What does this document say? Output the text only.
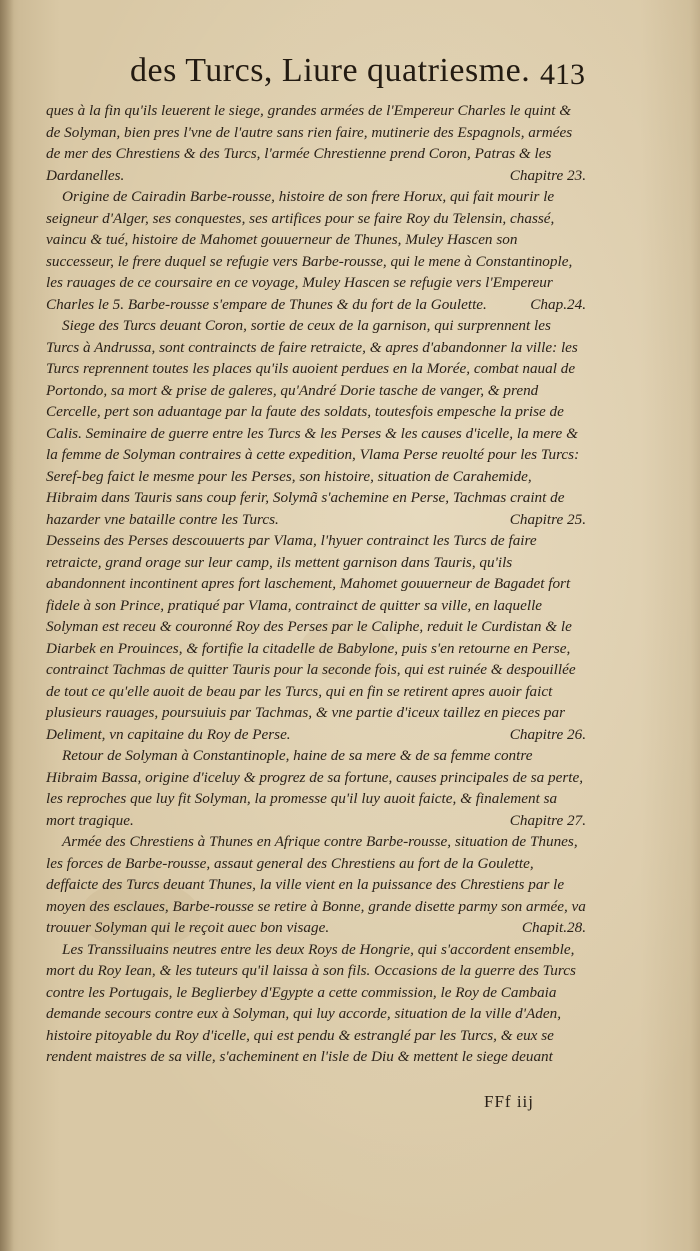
des Turcs, Liure quatriesme. 413

ques à la fin qu'ils leuerent le siege, grandes armées de l'Empereur Charles le quint & de Solyman, bien pres l'vne de l'autre sans rien faire, mutinerie des Espagnols, armées de mer des Chrestiens & des Turcs, l'armée Chrestienne prend Coron, Patras & les Dardanelles.	Chapitre 23.

Origine de Cairadin Barbe-rousse, histoire de son frere Horux, qui fait mourir le seigneur d'Alger, ses conquestes, ses artifices pour se faire Roy du Telensin, chassé, vaincu & tué, histoire de Mahomet gouuerneur de Thunes, Muley Hascen son successeur, le frere duquel se refugie vers Barbe-rousse, qui le mene à Constantinople, les rauages de ce coursaire en ce voyage, Muley Hascen se refugie vers l'Empereur Charles le 5. Barbe-rousse s'empare de Thunes & du fort de la Goulette.	Chap.24.

Siege des Turcs deuant Coron, sortie de ceux de la garnison, qui surprennent les Turcs à Andrussa, sont contraincts de faire retraicte, & apres d'abandonner la ville: les Turcs reprennent toutes les places qu'ils auoient perdues en la Morée, combat naual de Portondo, sa mort & prise de galeres, qu'André Dorie tasche de vanger, & prend Cercelle, pert son aduantage par la faute des soldats, toutesfois empesche la prise de Calis. Seminaire de guerre entre les Turcs & les Perses & les causes d'icelle, la mere & la femme de Solyman contraires à cette expedition, Vlama Perse reuolté pour les Turcs: Seref-beg faict le mesme pour les Perses, son histoire, situation de Carahemide, Hibraim dans Tauris sans coup ferir, Solymã s'achemine en Perse, Tachmas craint de hazarder vne bataille contre les Turcs.	Chapitre 25.

Desseins des Perses descouuerts par Vlama, l'hyuer contrainct les Turcs de faire retraicte, grand orage sur leur camp, ils mettent garnison dans Tauris, qu'ils abandonnent incontinent apres fort laschement, Mahomet gouuerneur de Bagadet fort fidele à son Prince, pratiqué par Vlama, contrainct de quitter sa ville, en laquelle Solyman est receu & couronné Roy des Perses par le Caliphe, reduit le Curdistan & le Diarbek en Prouinces, & fortifie la citadelle de Babylone, puis s'en retourne en Perse, contrainct Tachmas de quitter Tauris pour la seconde fois, qui est ruinée & despouillée de tout ce qu'elle auoit de beau par les Turcs, qui en fin se retirent apres auoir faict plusieurs rauages, poursuiuis par Tachmas, & vne partie d'iceux taillez en pieces par Deliment, vn capitaine du Roy de Perse.	Chapitre 26.

Retour de Solyman à Constantinople, haine de sa mere & de sa femme contre Hibraim Bassa, origine d'iceluy & progrez de sa fortune, causes principales de sa perte, les reproches que luy fit Solyman, la promesse qu'il luy auoit faicte, & finalement sa mort tragique.	Chapitre 27.

Armée des Chrestiens à Thunes en Afrique contre Barbe-rousse, situation de Thunes, les forces de Barbe-rousse, assaut general des Chrestiens au fort de la Goulette, deffaicte des Turcs deuant Thunes, la ville vient en la puissance des Chrestiens par le moyen des esclaues, Barbe-rousse se retire à Bonne, grande disette parmy son armée, va trouuer Solyman qui le reçoit auec bon visage.	Chapit.28.

Les Transsiluains neutres entre les deux Roys de Hongrie, qui s'accordent ensemble, mort du Roy Iean, & les tuteurs qu'il laissa à son fils. Occasions de la guerre des Turcs contre les Portugais, le Beglierbey d'Egypte a cette commission, le Roy de Cambaia demande secours contre eux à Solyman, qui luy accorde, situation de la ville d'Aden, histoire pitoyable du Roy d'icelle, qui est pendu & estranglé par les Turcs, & eux se rendent maistres de sa ville, s'acheminent en l'isle de Diu & mettent le siege deuant

FFf iij
